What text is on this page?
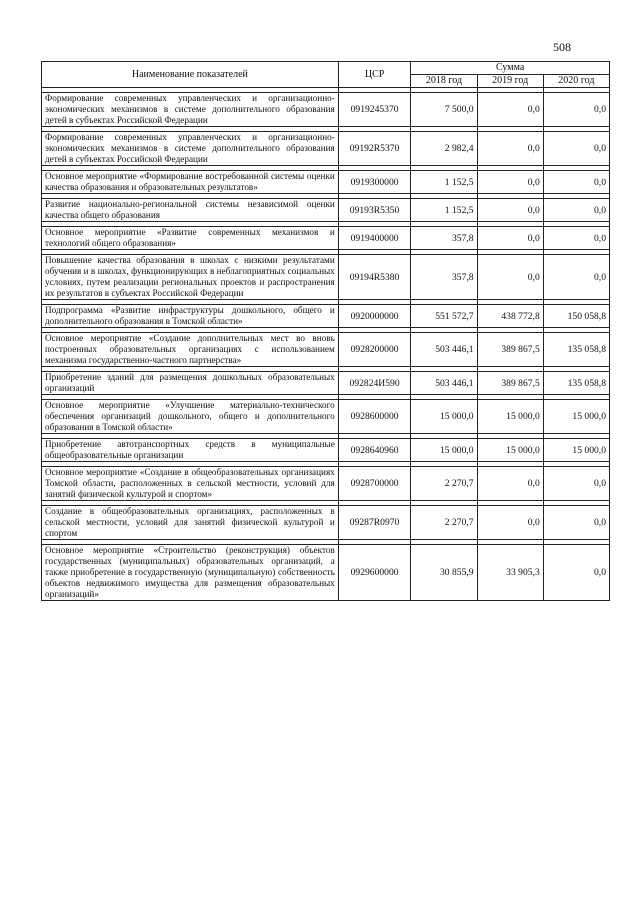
508
Наименование показателей	ЦСР	Сумма		
		2018 год	2019 год	2020 год

Формирование современных управленческих и организационно-экономических механизмов в системе дополнительного образования детей в субъектах Российской Федерации	0919245370	7 500,0	0,0	0,0

Формирование современных управленческих и организационно-экономических механизмов в системе дополнительного образования детей в субъектах Российской Федерации	09192R5370	2 982,4	0,0	0,0

Основное мероприятие «Формирование востребованной системы оценки качества образования и образовательных результатов»	0919300000	1 152,5	0,0	0,0

Развитие национально-региональной системы независимой оценки качества общего образования	09193R5350	1 152,5	0,0	0,0

Основное мероприятие «Развитие современных механизмов и технологий общего образования»	0919400000	357,8	0,0	0,0

Повышение качества образования в школах с низкими результатами обучения и в школах, функционирующих в неблагоприятных социальных условиях, путем реализации региональных проектов и распространения их результатов в субъектах Российской Федерации	09194R5380	357,8	0,0	0,0

Подпрограмма «Развитие инфраструктуры дошкольного, общего и дополнительного образования в Томской области»	0920000000	551 572,7	438 772,8	150 058,8

Основное мероприятие «Создание дополнительных мест во вновь построенных образовательных организациях с использованием механизма государственно-частного партнерства»	0928200000	503 446,1	389 867,5	135 058,8

Приобретение зданий для размещения дошкольных образовательных организаций	092824И590	503 446,1	389 867,5	135 058,8

Основное мероприятие «Улучшение материально-технического обеспечения организаций дошкольного, общего и дополнительного образования в Томской области»	0928600000	15 000,0	15 000,0	15 000,0

Приобретение автотранспортных средств в муниципальные общеобразовательные организации	0928640960	15 000,0	15 000,0	15 000,0

Основное мероприятие «Создание в общеобразовательных организациях Томской области, расположенных в сельской местности, условий для занятий физической культурой и спортом»	0928700000	2 270,7	0,0	0,0

Создание в общеобразовательных организациях, расположенных в сельской местности, условий для занятий физической культурой и спортом	09287R0970	2 270,7	0,0	0,0

Основное мероприятие «Строительство (реконструкция) объектов государственных (муниципальных) образовательных организаций, а также приобретение в государственную (муниципальную) собственность объектов недвижимого имущества для размещения образовательных организаций»	0929600000	30 855,9	33 905,3	0,0
